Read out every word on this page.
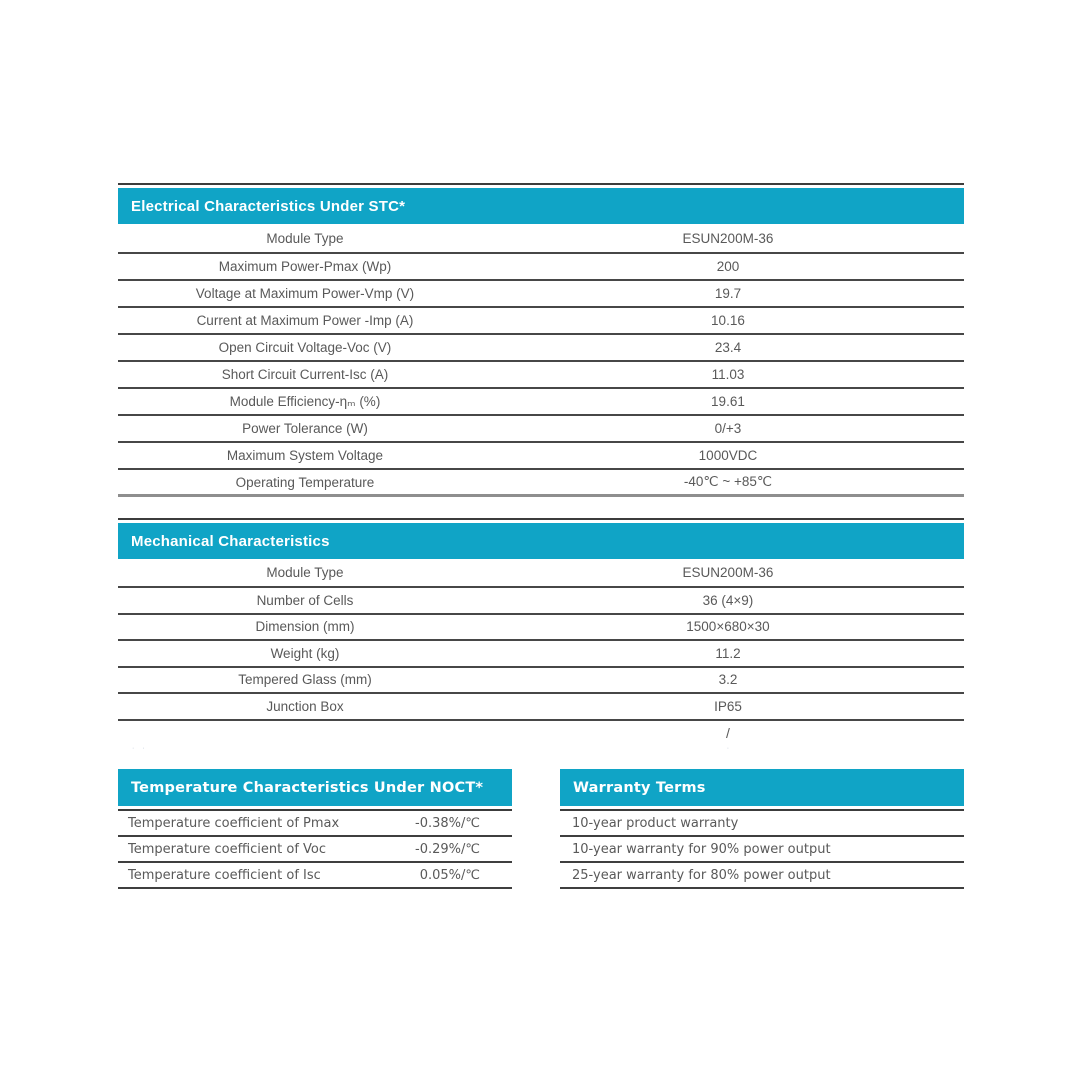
Electrical Characteristics Under STC*
Module Type	ESUN200M-36
Maximum Power-Pmax (Wp)	200
Voltage at Maximum Power-Vmp (V)	19.7
Current at Maximum Power -Imp (A)	10.16
Open Circuit Voltage-Voc (V)	23.4
Short Circuit Current-Isc (A)	11.03
Module Efficiency-ηₘ (%)	19.61
Power Tolerance (W)	0/+3
Maximum System Voltage	1000VDC
Operating Temperature	-40℃ ~ +85℃
Mechanical Characteristics
Module Type	ESUN200M-36
Number of Cells	36 (4×9)
Dimension (mm)	1500×680×30
Weight (kg)	11.2
Tempered Glass (mm)	3.2
Junction Box	IP65
/
· ·	·
Temperature Characteristics Under NOCT*
Temperature coefficient of Pmax	-0.38%/℃
Temperature coefficient of Voc	-0.29%/℃
Temperature coefficient of Isc	0.05%/℃
Warranty Terms
10-year product warranty
10-year warranty for 90% power output
25-year warranty for 80% power output
